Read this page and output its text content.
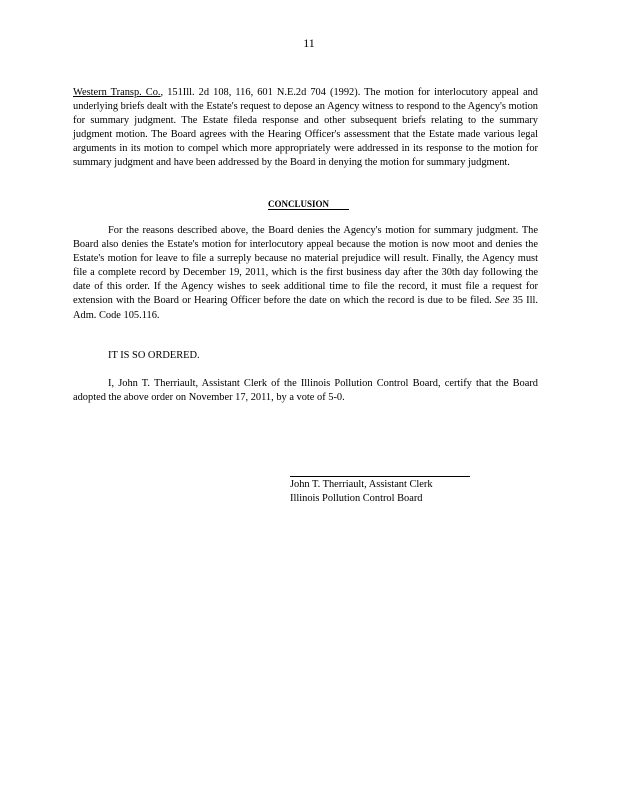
11
Western Transp. Co., 151Ill. 2d 108, 116, 601 N.E.2d 704 (1992). The motion for interlocutory appeal and underlying briefs dealt with the Estate's request to depose an Agency witness to respond to the Agency's motion for summary judgment. The Estate fileda response and other subsequent briefs relating to the summary judgment motion. The Board agrees with the Hearing Officer's assessment that the Estate made various legal arguments in its motion to compel which more appropriately were addressed in its response to the motion for summary judgment and have been addressed by the Board in denying the motion for summary judgment.
CONCLUSION
For the reasons described above, the Board denies the Agency's motion for summary judgment. The Board also denies the Estate's motion for interlocutory appeal because the motion is now moot and denies the Estate's motion for leave to file a surreply because no material prejudice will result. Finally, the Agency must file a complete record by December 19, 2011, which is the first business day after the 30th day following the date of this order. If the Agency wishes to seek additional time to file the record, it must file a request for extension with the Board or Hearing Officer before the date on which the record is due to be filed. See 35 Ill. Adm. Code 105.116.
IT IS SO ORDERED.
I, John T. Therriault, Assistant Clerk of the Illinois Pollution Control Board, certify that the Board adopted the above order on November 17, 2011, by a vote of 5-0.
John T. Therriault, Assistant Clerk
Illinois Pollution Control Board
